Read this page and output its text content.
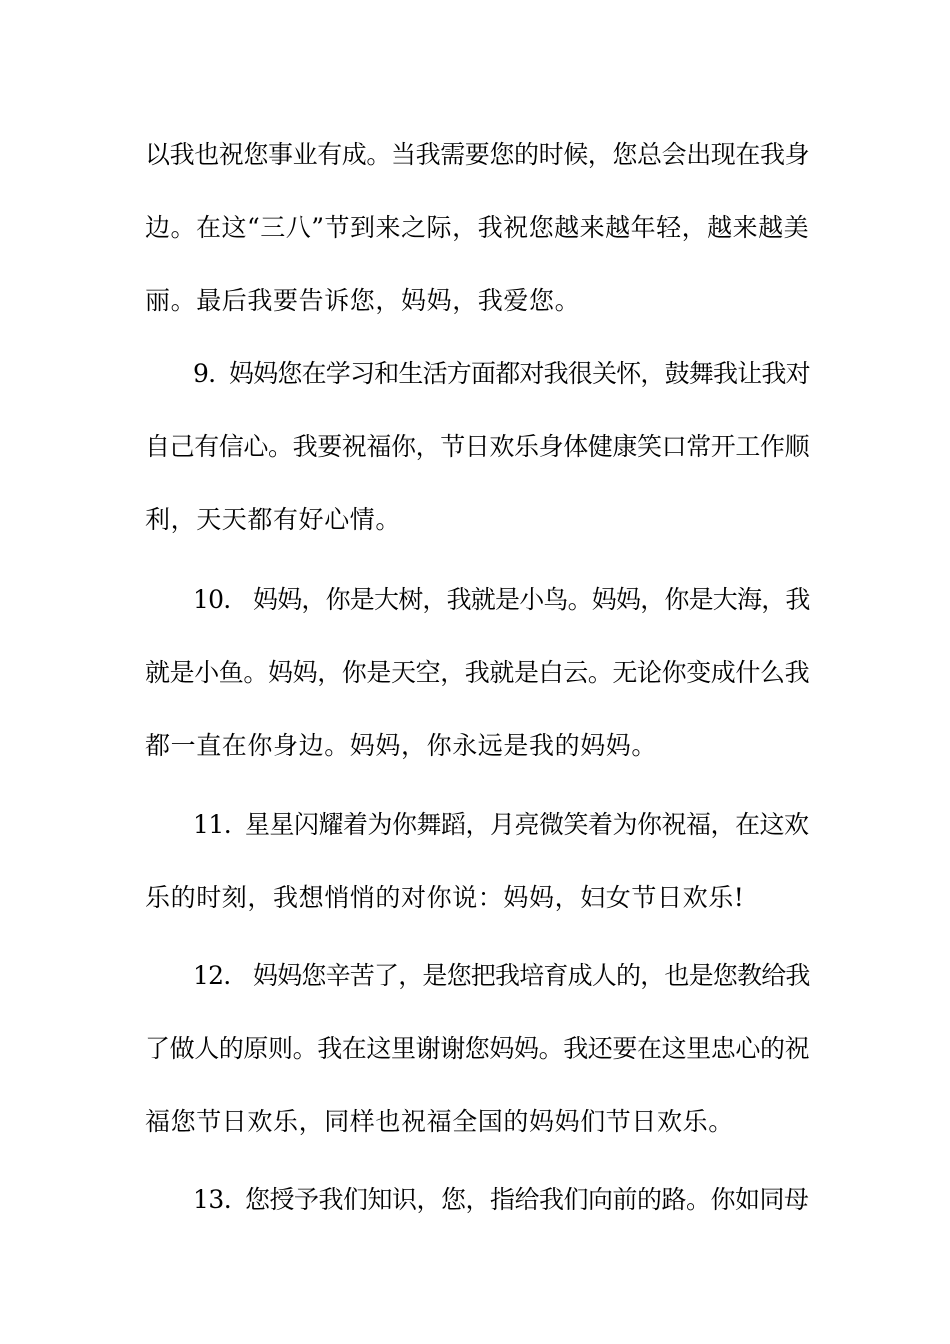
以我也祝您事业有成。当我需要您的时候，您总会出现在我身
边。在这“三八”节到来之际，我祝您越来越年轻，越来越美
丽。最后我要告诉您，妈妈，我爱您。
9. 妈妈您在学习和生活方面都对我很关怀，鼓舞我让我对
自己有信心。我要祝福你，节日欢乐身体健康笑口常开工作顺
利，天天都有好心情。
10. 妈妈，你是大树，我就是小鸟。妈妈，你是大海，我
就是小鱼。妈妈，你是天空，我就是白云。无论你变成什么我
都一直在你身边。妈妈，你永远是我的妈妈。
11. 星星闪耀着为你舞蹈，月亮微笑着为你祝福，在这欢
乐的时刻，我想悄悄的对你说：妈妈，妇女节日欢乐!
12. 妈妈您辛苦了，是您把我培育成人的，也是您教给我
了做人的原则。我在这里谢谢您妈妈。我还要在这里忠心的祝
福您节日欢乐，同样也祝福全国的妈妈们节日欢乐。
13. 您授予我们知识，您，指给我们向前的路。你如同母
